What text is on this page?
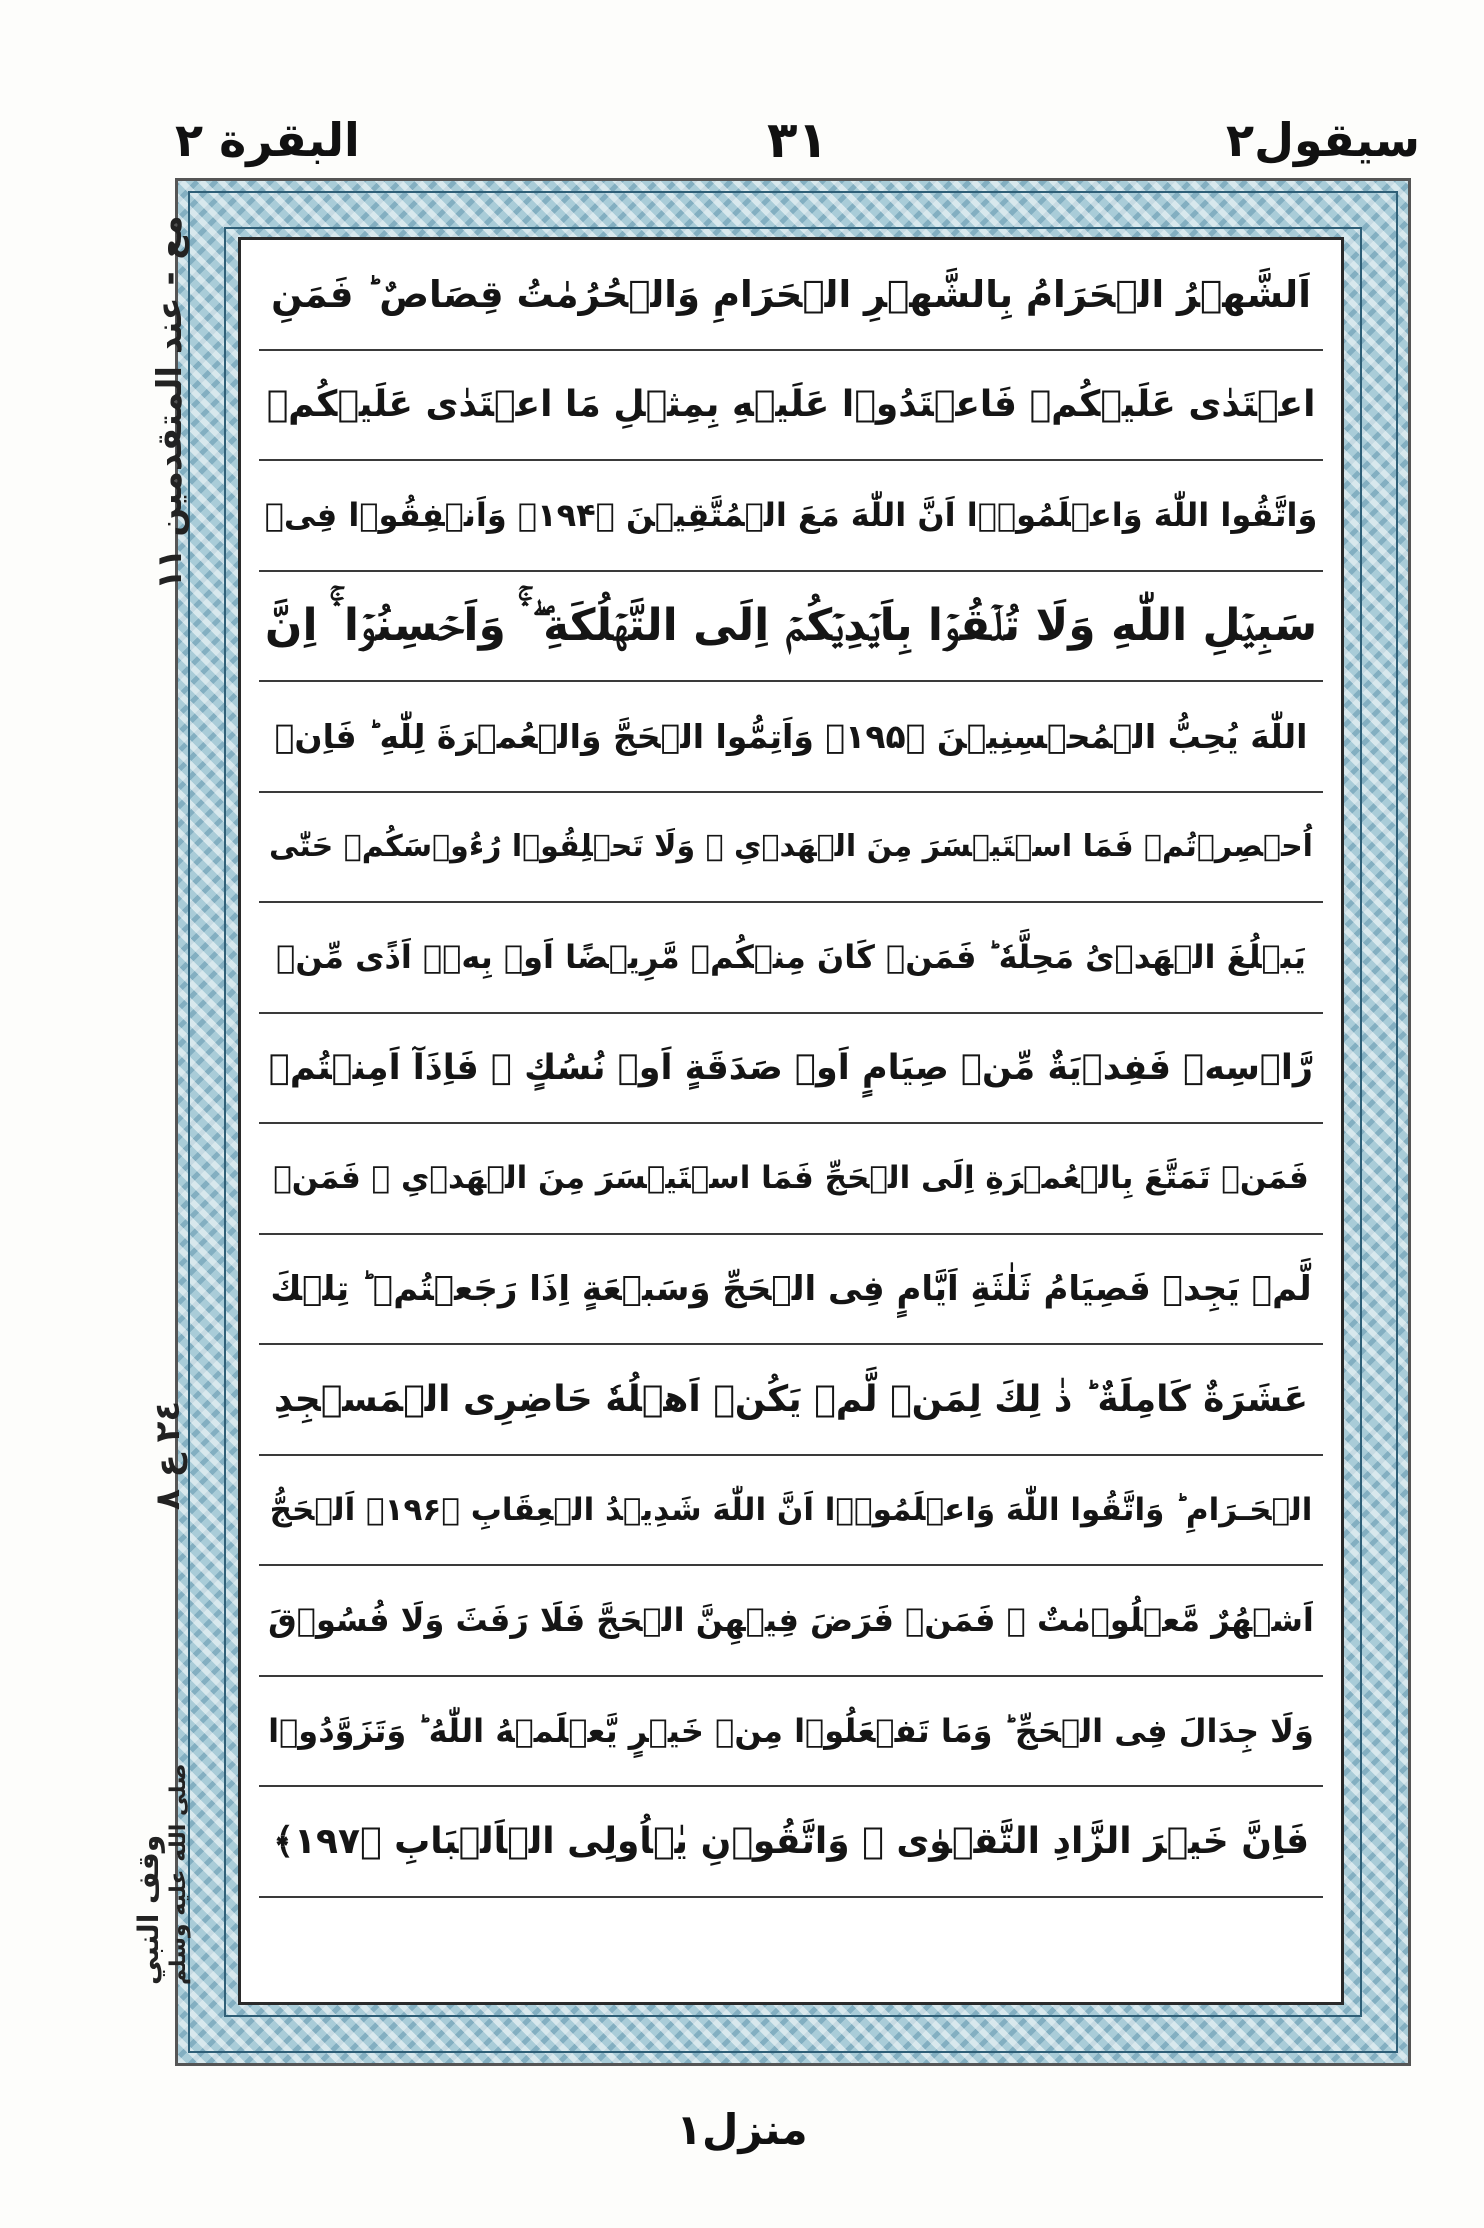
البقرة ٢	٣١	سيقول٢
اَلشَّهۡرُ الۡحَرَامُ بِالشَّهۡرِ الۡحَرَامِ وَالۡحُرُمٰتُ قِصَاصٌ ؕ فَمَنِ
اعۡتَدٰى عَلَيۡکُمۡ فَاعۡتَدُوۡا عَلَيۡهِ بِمِثۡلِ مَا اعۡتَدٰى عَلَيۡکُمۡ
وَاتَّقُوا اللّٰهَ وَاعۡلَمُوۡۤا اَنَّ اللّٰهَ مَعَ الۡمُتَّقِيۡنَ ﴿۱۹۴﴾ وَاَنۡفِقُوۡا فِىۡ
سَبِيۡلِ اللّٰهِ وَلَا تُلۡقُوۡا بِاَيۡدِيۡکُمۡ اِلَى التَّهۡلُکَةِ ۖ ۛۚ وَاَحۡسِنُوۡا ۛۚ اِنَّ
اللّٰهَ يُحِبُّ الۡمُحۡسِنِيۡنَ ﴿۱۹۵﴾ وَاَتِمُّوا الۡحَجَّ وَالۡعُمۡرَةَ لِلّٰهِ ؕ فَاِنۡ
اُحۡصِرۡتُمۡ فَمَا اسۡتَيۡسَرَ مِنَ الۡهَدۡىِ ۚ وَلَا تَحۡلِقُوۡا رُءُوۡسَکُمۡ حَتّٰى
يَبۡلُغَ الۡهَدۡىُ مَحِلَّهٗ ؕ فَمَنۡ کَانَ مِنۡکُمۡ مَّرِيۡضًا اَوۡ بِهٖۤ اَذًى مِّنۡ
رَّاۡسِهٖ فَفِدۡيَةٌ مِّنۡ صِيَامٍ اَوۡ صَدَقَةٍ اَوۡ نُسُكٍ ۚ فَاِذَآ اَمِنۡتُمۡ
فَمَنۡ تَمَتَّعَ بِالۡعُمۡرَةِ اِلَى الۡحَجِّ فَمَا اسۡتَيۡسَرَ مِنَ الۡهَدۡىِ ۚ فَمَنۡ
لَّمۡ يَجِدۡ فَصِيَامُ ثَلٰثَةِ اَيَّامٍ فِى الۡحَجِّ وَسَبۡعَةٍ اِذَا رَجَعۡتُمۡ ؕ تِلۡكَ
عَشَرَةٌ کَامِلَةٌ ؕ ذٰ لِكَ لِمَنۡ لَّمۡ يَكُنۡ اَهۡلُهٗ حَاضِرِى الۡمَسۡجِدِ
الۡحَـرَامِ ؕ وَاتَّقُوا اللّٰهَ وَاعۡلَمُوۡۤا اَنَّ اللّٰهَ شَدِيۡدُ الۡعِقَابِ ﴿۱۹۶﴾ اَلۡحَجُّ
اَشۡهُرٌ مَّعۡلُوۡمٰتٌ ۚ فَمَنۡ فَرَضَ فِيۡهِنَّ الۡحَجَّ فَلَا رَفَثَ وَلَا فُسُوۡقَ
وَلَا جِدَالَ فِى الۡحَجِّ ؕ وَمَا تَفۡعَلُوۡا مِنۡ خَيۡرٍ يَّعۡلَمۡهُ اللّٰهُ ؕ وَتَزَوَّدُوۡا
فَاِنَّ خَيۡرَ الزَّادِ التَّقۡوٰى ۚ وَاتَّقُوۡنِ يٰۤاُولِى الۡاَلۡبَابِ ﴿۱۹۷﴾
مع - عند المتقدمين ١١
٢٤ ع ٨
وقف النبي صلى الله عليه وسلم
منزل١
